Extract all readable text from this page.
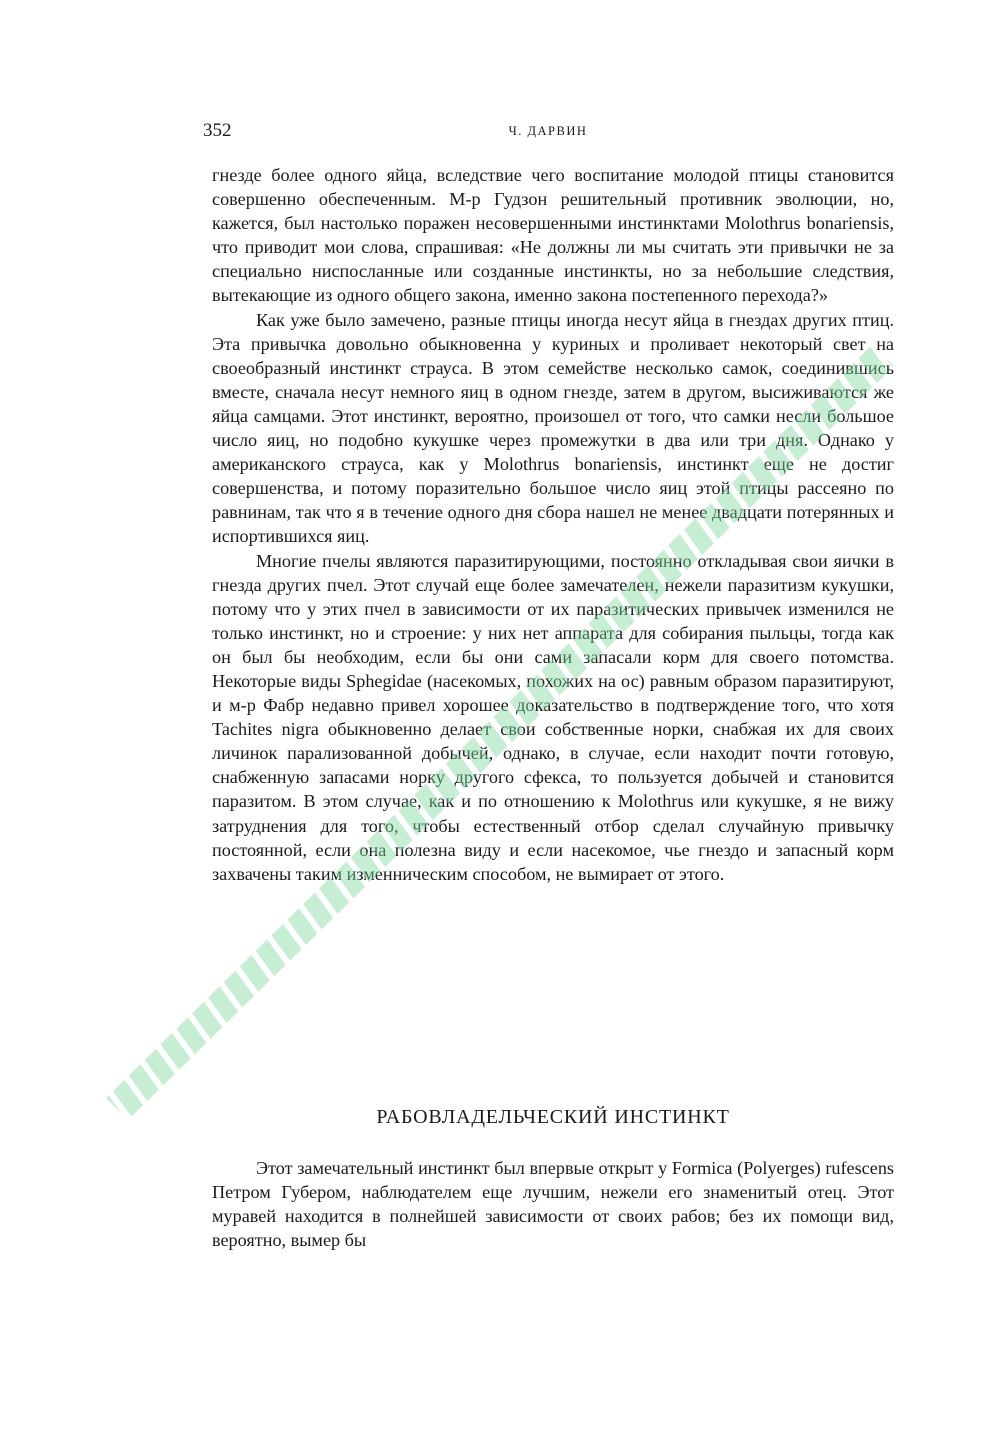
352	Ч. ДАРВИН

гнезде более одного яйца, вследствие чего воспитание молодой птицы становится совершенно обеспеченным. М-р Гудзон решительный противник эволюции, но, кажется, был настолько поражен несовершенными инстинктами Molothrus bonariensis, что приводит мои слова, спрашивая: «Не должны ли мы считать эти привычки не за специально ниспосланные или созданные инстинкты, но за небольшие следствия, вытекающие из одного общего закона, именно закона постепенного перехода?»

Как уже было замечено, разные птицы иногда несут яйца в гнездах других птиц. Эта привычка довольно обыкновенна у куриных и проливает некоторый свет на своеобразный инстинкт страуса. В этом семействе несколько самок, соединившись вместе, сначала несут немного яиц в одном гнезде, затем в другом, высиживаются же яйца самцами. Этот инстинкт, вероятно, произошел от того, что самки несли большое число яиц, но подобно кукушке через промежутки в два или три дня. Однако у американского страуса, как у Molothrus bonariensis, инстинкт еще не достиг совершенства, и потому поразительно большое число яиц этой птицы рассеяно по равнинам, так что я в течение одного дня сбора нашел не менее двадцати потерянных и испортившихся яиц.

Многие пчелы являются паразитирующими, постоянно откладывая свои яички в гнезда других пчел. Этот случай еще более замечателен, нежели паразитизм кукушки, потому что у этих пчел в зависимости от их паразитических привычек изменился не только инстинкт, но и строение: у них нет аппарата для собирания пыльцы, тогда как он был бы необходим, если бы они сами запасали корм для своего потомства. Некоторые виды Sphegidae (насекомых, похожих на ос) равным образом паразитируют, и м-р Фабр недавно привел хорошее доказательство в подтверждение того, что хотя Tachites nigra обыкновенно делает свои собственные норки, снабжая их для своих личинок парализованной добычей, однако, в случае, если находит почти готовую, снабженную запасами норку другого сфекса, то пользуется добычей и становится паразитом. В этом случае, как и по отношению к Molothrus или кукушке, я не вижу затруднения для того, чтобы естественный отбор сделал случайную привычку постоянной, если она полезна виду и если насекомое, чье гнездо и запасный корм захвачены таким изменническим способом, не вымирает от этого.

РАБОВЛАДЕЛЬЧЕСКИЙ ИНСТИНКТ

Этот замечательный инстинкт был впервые открыт у Formica (Polyerges) rufescens Петром Губером, наблюдателем еще лучшим, нежели его знаменитый отец. Этот муравей находится в полнейшей зависимости от своих рабов; без их помощи вид, вероятно, вымер бы
